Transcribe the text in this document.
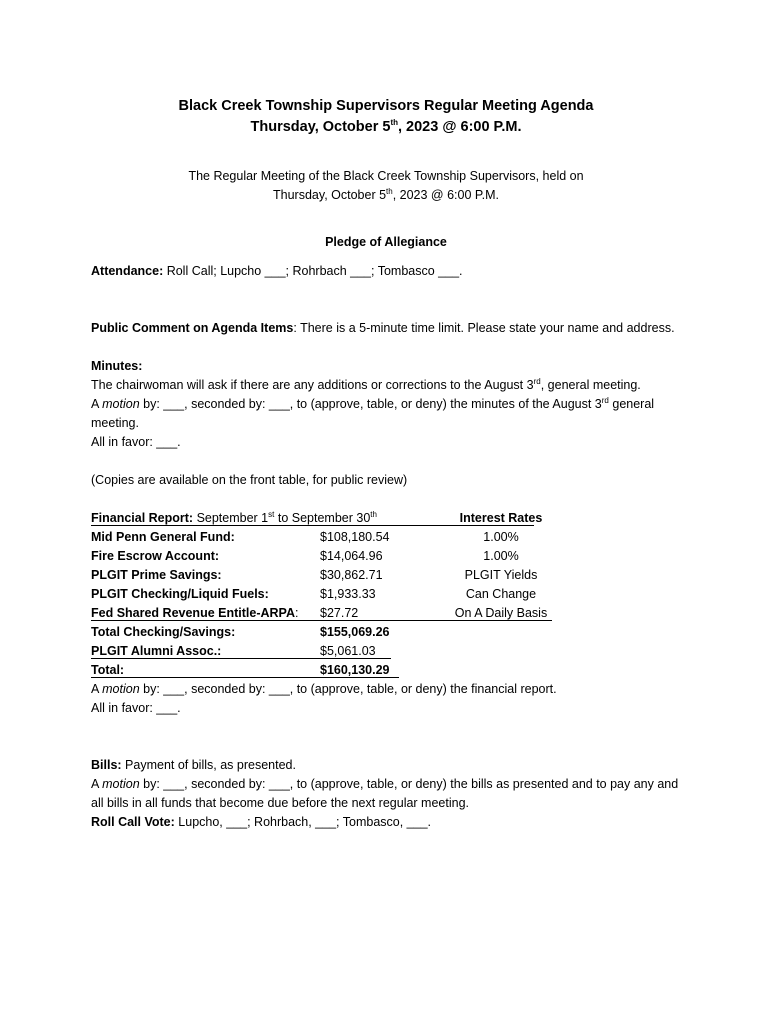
Black Creek Township Supervisors Regular Meeting Agenda
Thursday, October 5th, 2023 @ 6:00 P.M.
The Regular Meeting of the Black Creek Township Supervisors, held on
Thursday, October 5th, 2023 @ 6:00 P.M.
Pledge of Allegiance
Attendance: Roll Call; Lupcho ___; Rohrbach ___; Tombasco ___.
Public Comment on Agenda Items: There is a 5-minute time limit. Please state your name and address.
Minutes:
The chairwoman will ask if there are any additions or corrections to the August 3rd, general meeting.
A motion by: ___, seconded by: ___, to (approve, table, or deny) the minutes of the August 3rd general meeting.
All in favor: ___.
(Copies are available on the front table, for public review)
Financial Report: September 1st to September 30th	Interest Rates
Mid Penn General Fund:	$108,180.54	1.00%
Fire Escrow Account:	$14,064.96	1.00%
PLGIT Prime Savings:	$30,862.71	PLGIT Yields
PLGIT Checking/Liquid Fuels:	$1,933.33	Can Change
Fed Shared Revenue Entitle-ARPA: $27.72	On A Daily Basis
Total Checking/Savings:	$155,069.26
PLGIT Alumni Assoc.:	$5,061.03
Total:	$160,130.29
A motion by: ___, seconded by: ___, to (approve, table, or deny) the financial report.
All in favor: ___.
Bills: Payment of bills, as presented.
A motion by: ___, seconded by: ___, to (approve, table, or deny) the bills as presented and to pay any and all bills in all funds that become due before the next regular meeting.
Roll Call Vote: Lupcho, ___; Rohrbach, ___; Tombasco, ___.
